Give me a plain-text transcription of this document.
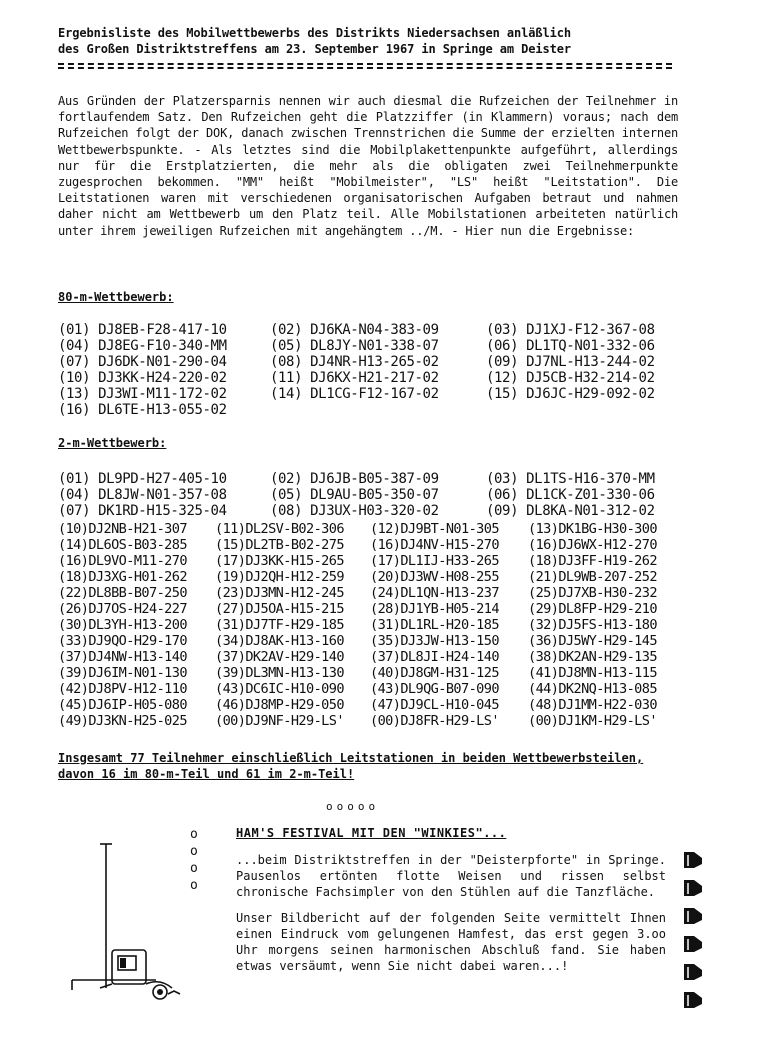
Ergebnisliste des Mobilwettbewerbs des Distrikts Niedersachsen anläßlich
des Großen Distriktstreffens am 23. September 1967 in Springe am Deister

Aus Gründen der Platzersparnis nennen wir auch diesmal die Rufzeichen der Teilnehmer in fortlaufendem Satz. Den Rufzeichen geht die Platzziffer (in Klammern) voraus; nach dem Rufzeichen folgt der DOK, danach zwischen Trennstrichen die Summe der erzielten internen Wettbewerbspunkte. - Als letztes sind die Mobilplakettenpunkte aufgeführt, allerdings nur für die Erstplatzierten, die mehr als die obligaten zwei Teilnehmerpunkte zugesprochen bekommen. "MM" heißt "Mobilmeister", "LS" heißt "Leitstation". Die Leitstationen waren mit verschiedenen organisatorischen Aufgaben betraut und nahmen daher nicht am Wettbewerb um den Platz teil. Alle Mobilstationen arbeiteten natürlich unter ihrem jeweiligen Rufzeichen mit angehängtem ../M. - Hier nun die Ergebnisse:

80-m-Wettbewerb:
(01) DJ8EB-F28-417-10	(02) DJ6KA-N04-383-09	(03) DJ1XJ-F12-367-08
(04) DJ8EG-F10-340-MM	(05) DL8JY-N01-338-07	(06) DL1TQ-N01-332-06
(07) DJ6DK-N01-290-04	(08) DJ4NR-H13-265-02	(09) DJ7NL-H13-244-02
(10) DJ3KK-H24-220-02	(11) DJ6KX-H21-217-02	(12) DJ5CB-H32-214-02
(13) DJ3WI-M11-172-02	(14) DL1CG-F12-167-02	(15) DJ6JC-H29-092-02
(16) DL6TE-H13-055-02
2-m-Wettbewerb:
(01) DL9PD-H27-405-10	(02) DJ6JB-B05-387-09	(03) DL1TS-H16-370-MM
(04) DL8JW-N01-357-08	(05) DL9AU-B05-350-07	(06) DL1CK-Z01-330-06
(07) DK1RD-H15-325-04	(08) DJ3UX-H03-320-02	(09) DL8KA-N01-312-02
(10)DJ2NB-H21-307 (11)DL2SV-B02-306 (12)DJ9BT-N01-305 (13)DK1BG-H30-300
(14)DL6OS-B03-285 (15)DL2TB-B02-275 (16)DJ4NV-H15-270 (16)DJ6WX-H12-270
(16)DL9VO-M11-270 (17)DJ3KK-H15-265 (17)DL1IJ-H33-265 (18)DJ3FF-H19-262
(18)DJ3XG-H01-262 (19)DJ2QH-H12-259 (20)DJ3WV-H08-255 (21)DL9WB-207-252
(22)DL8BB-B07-250 (23)DJ3MN-H12-245 (24)DL1QN-H13-237 (25)DJ7XB-H30-232
(26)DJ7OS-H24-227 (27)DJ5OA-H15-215 (28)DJ1YB-H05-214 (29)DL8FP-H29-210
(30)DL3YH-H13-200 (31)DJ7TF-H29-185 (31)DL1RL-H20-185 (32)DJ5FS-H13-180
(33)DJ9QO-H29-170 (34)DJ8AK-H13-160 (35)DJ3JW-H13-150 (36)DJ5WY-H29-145
(37)DJ4NW-H13-140 (37)DK2AV-H29-140 (37)DL8JI-H24-140 (38)DK2AN-H29-135
(39)DJ6IM-N01-130 (39)DL3MN-H13-130 (40)DJ8GM-H31-125 (41)DJ8MN-H13-115
(42)DJ8PV-H12-110 (43)DC6IC-H10-090 (43)DL9QG-B07-090 (44)DK2NQ-H13-085
(45)DJ6IP-H05-080 (46)DJ8MP-H29-050 (47)DJ9CL-H10-045 (48)DJ1MM-H22-030
(49)DJ3KN-H25-025 (00)DJ9NF-H29-LS' (00)DJ8FR-H29-LS' (00)DJ1KM-H29-LS'
Insgesamt 77 Teilnehmer einschließlich Leitstationen in beiden Wettbewerbsteilen, davon 16 im 80-m-Teil und 61 im 2-m-Teil!
ooooo
o
o
o
o
HAM'S FESTIVAL MIT DEN "WINKIES"...

...beim Distriktstreffen in der "Deisterpforte" in Springe. Pausenlos ertönten flotte Weisen und rissen selbst chronische Fachsimpler von den Stühlen auf die Tanzfläche.

Unser Bildbericht auf der folgenden Seite vermittelt Ihnen einen Eindruck vom gelungenen Hamfest, das erst gegen 3.oo Uhr morgens seinen harmonischen Abschluß fand. Sie haben etwas versäumt, wenn Sie nicht dabei waren...!
